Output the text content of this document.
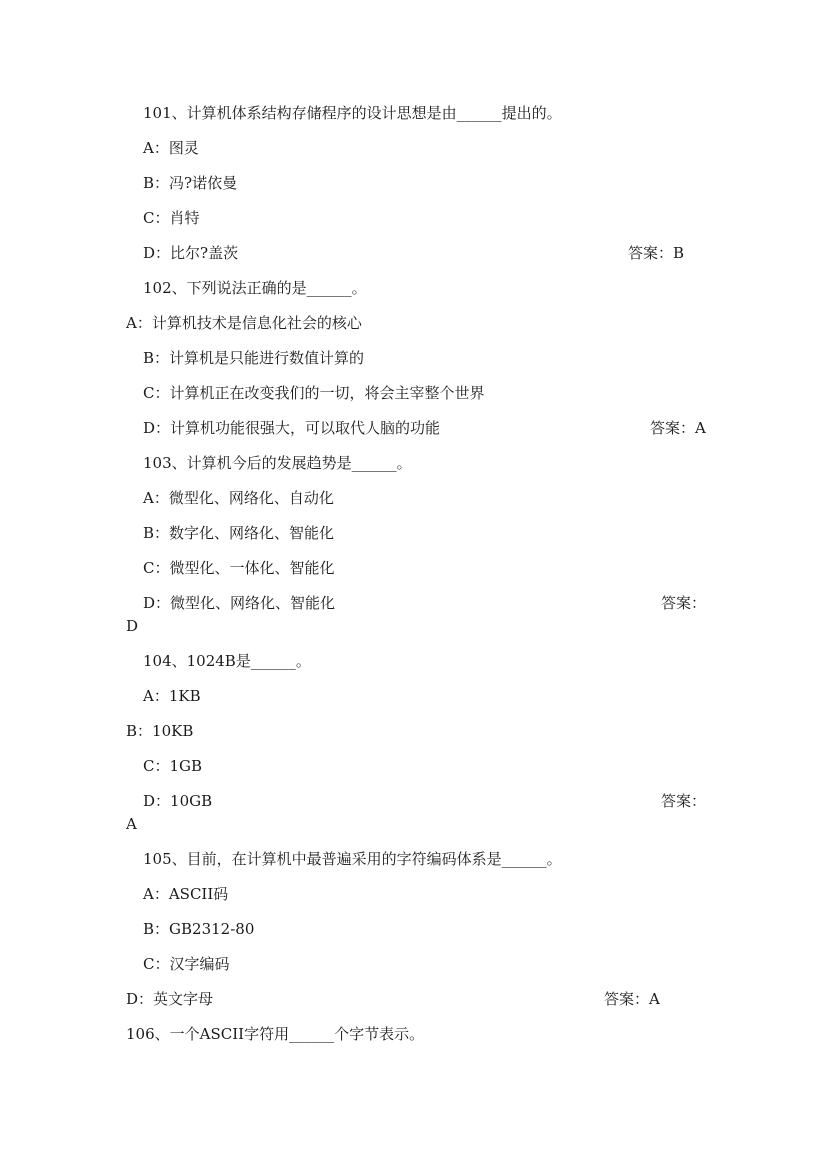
101、计算机体系结构存储程序的设计思想是由______提出的。
A：图灵
B：冯?诺依曼
C：肖特
D：比尔?盖茨	答案：B
102、下列说法正确的是______。
A：计算机技术是信息化社会的核心
B：计算机是只能进行数值计算的
C：计算机正在改变我们的一切，将会主宰整个世界
D：计算机功能很强大，可以取代人脑的功能	答案：A
103、计算机今后的发展趋势是______。
A：微型化、网络化、自动化
B：数字化、网络化、智能化
C：微型化、一体化、智能化
D：微型化、网络化、智能化	答案：
D
104、1024B是______。
A：1KB
B：10KB
C：1GB
D：10GB	答案：
A
105、目前，在计算机中最普遍采用的字符编码体系是______。
A：ASCII码
B：GB2312-80
C：汉字编码
D：英文字母	答案：A
106、一个ASCII字符用______个字节表示。
